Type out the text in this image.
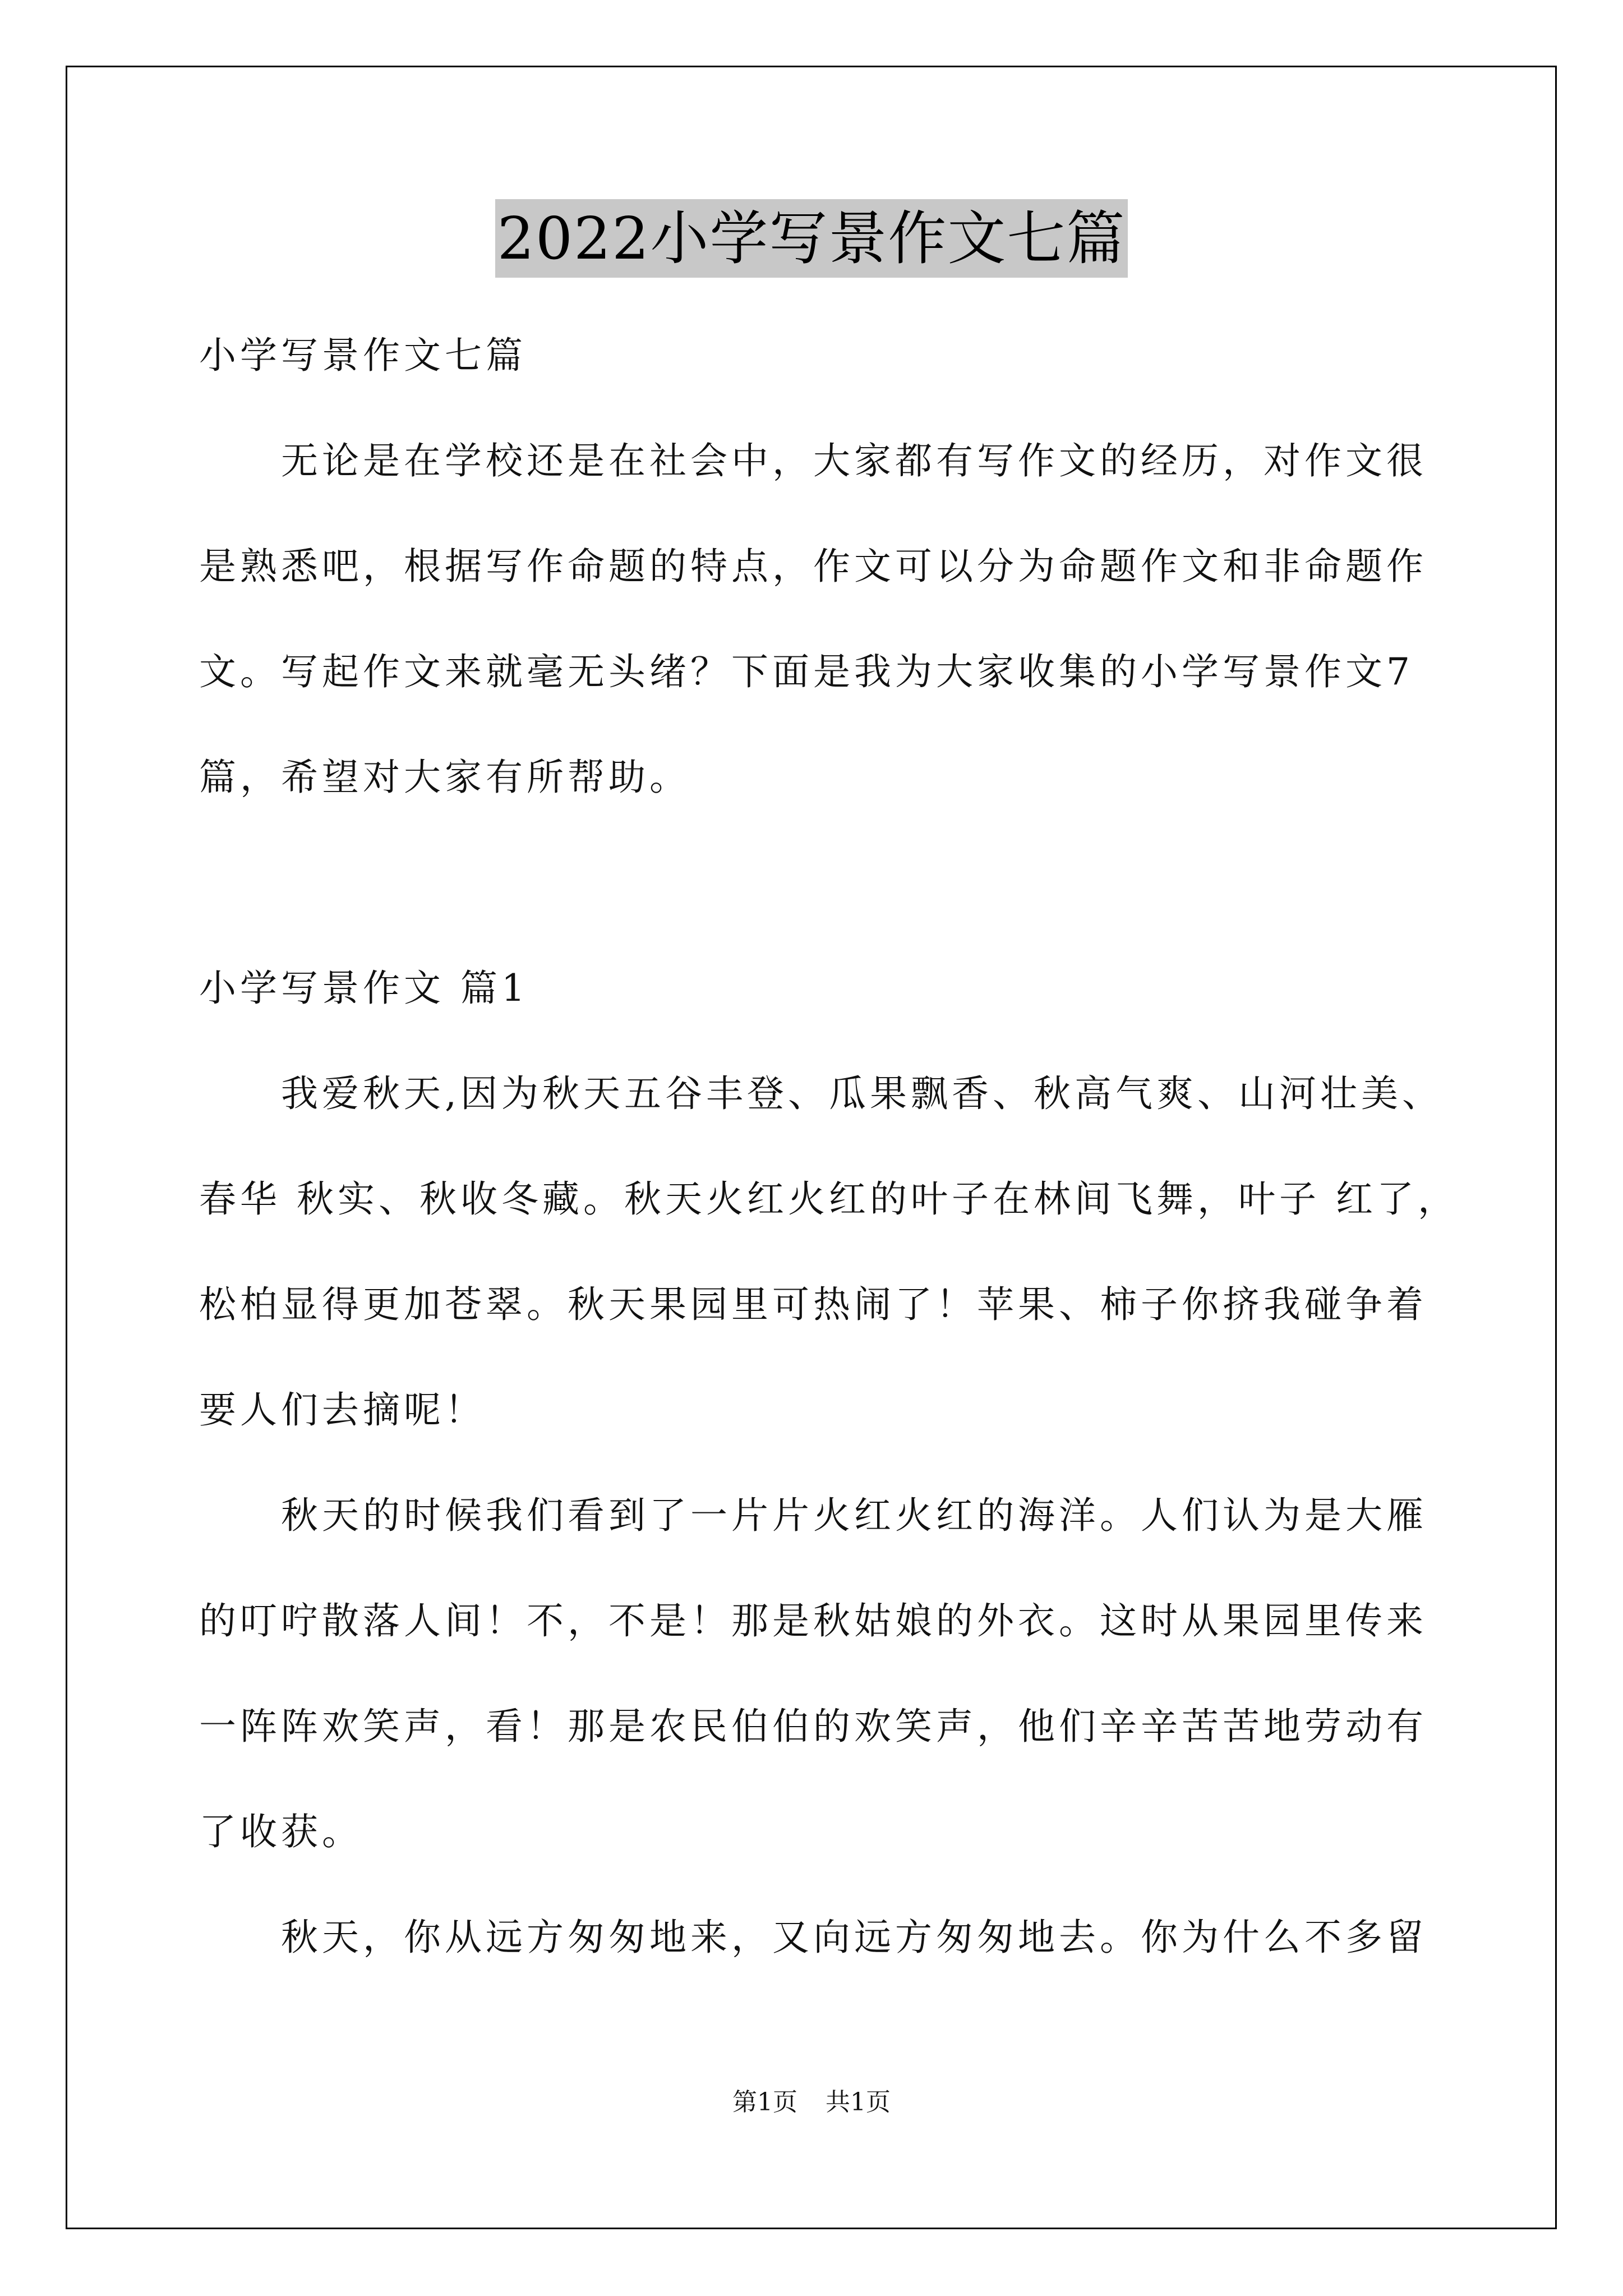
2022小学写景作文七篇
小学写景作文七篇
无论是在学校还是在社会中，大家都有写作文的经历，对作文很
是熟悉吧，根据写作命题的特点，作文可以分为命题作文和非命题作
文。写起作文来就毫无头绪？下面是我为大家收集的小学写景作文7
篇，希望对大家有所帮助。
小学写景作文 篇1
我爱秋天,因为秋天五谷丰登、瓜果飘香、秋高气爽、山河壮美、
春华 秋实、秋收冬藏。秋天火红火红的叶子在林间飞舞，叶子 红了，
松柏显得更加苍翠。秋天果园里可热闹了！苹果、柿子你挤我碰争着
要人们去摘呢！
秋天的时候我们看到了一片片火红火红的海洋。人们认为是大雁
的叮咛散落人间！不，不是！那是秋姑娘的外衣。这时从果园里传来
一阵阵欢笑声，看！那是农民伯伯的欢笑声，他们辛辛苦苦地劳动有
了收获。
秋天，你从远方匆匆地来，又向远方匆匆地去。你为什么不多留
第1页 共1页
